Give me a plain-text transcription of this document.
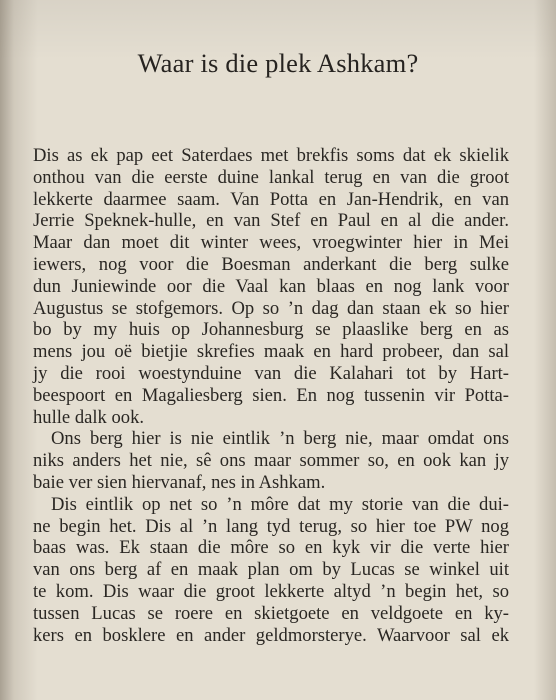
Waar is die plek Ashkam?
Dis as ek pap eet Saterdaes met brekfis soms dat ek skielik
onthou van die eerste duine lankal terug en van die groot
lekkerte daarmee saam. Van Potta en Jan-Hendrik, en van
Jerrie Speknek-hulle, en van Stef en Paul en al die ander.
Maar dan moet dit winter wees, vroegwinter hier in Mei
iewers, nog voor die Boesman anderkant die berg sulke
dun Juniewinde oor die Vaal kan blaas en nog lank voor
Augustus se stofgemors. Op so ’n dag dan staan ek so hier
bo by my huis op Johannesburg se plaaslike berg en as
mens jou oë bietjie skrefies maak en hard probeer, dan sal
jy die rooi woestynduine van die Kalahari tot by Hart-
beespoort en Magaliesberg sien. En nog tussenin vir Potta-
hulle dalk ook.
Ons berg hier is nie eintlik ’n berg nie, maar omdat ons
niks anders het nie, sê ons maar sommer so, en ook kan jy
baie ver sien hiervanaf, nes in Ashkam.
Dis eintlik op net so ’n môre dat my storie van die dui-
ne begin het. Dis al ’n lang tyd terug, so hier toe PW nog
baas was. Ek staan die môre so en kyk vir die verte hier
van ons berg af en maak plan om by Lucas se winkel uit
te kom. Dis waar die groot lekkerte altyd ’n begin het, so
tussen Lucas se roere en skietgoete en veldgoete en ky-
kers en bosklere en ander geldmorsterye. Waarvoor sal ek
